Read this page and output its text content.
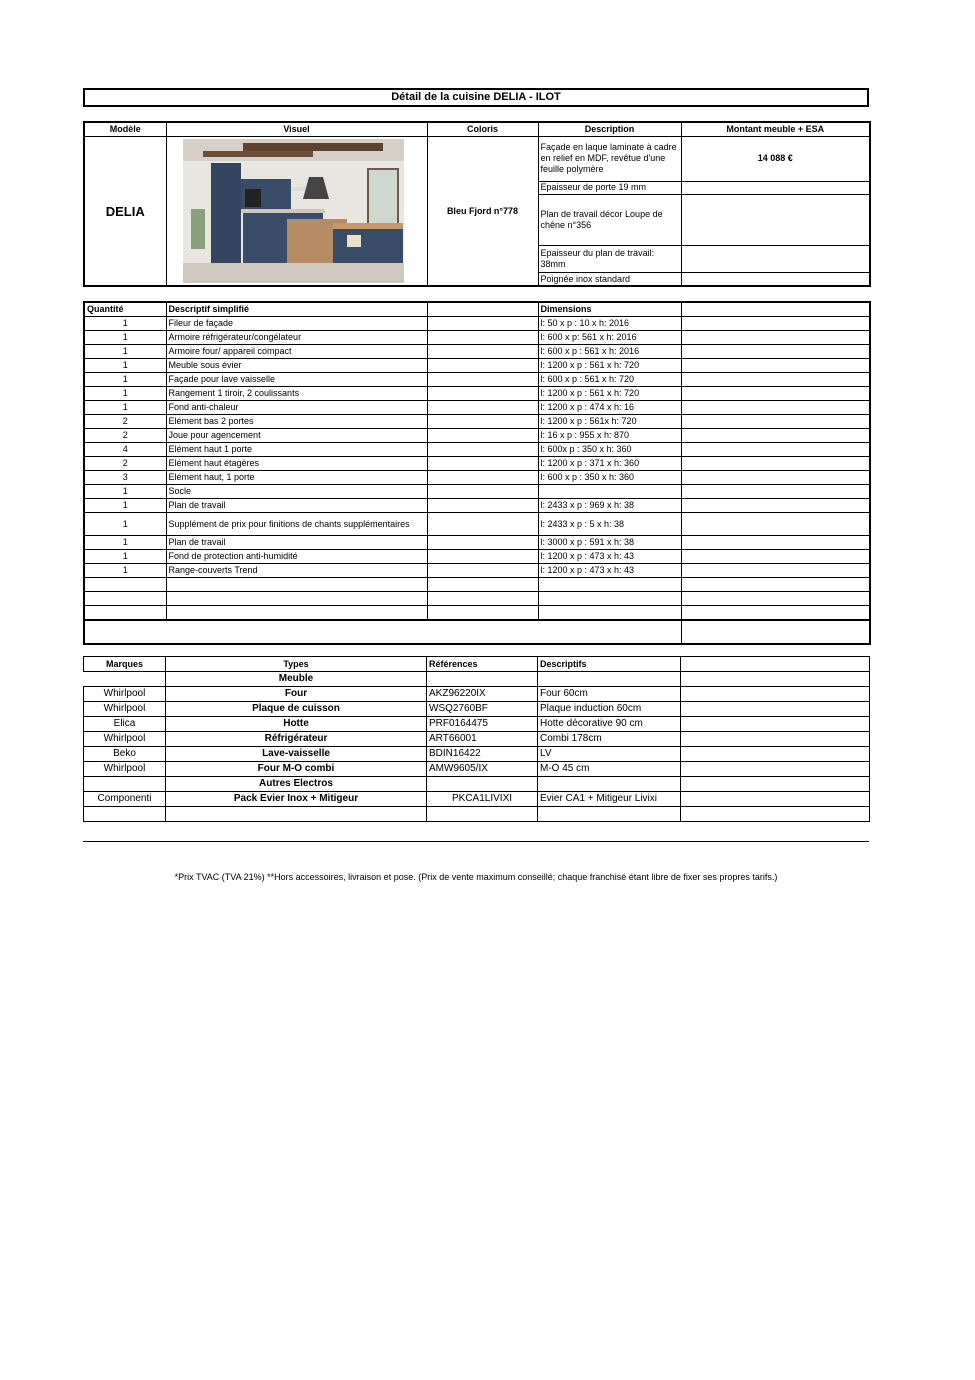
Détail de la cuisine DELIA - ILOT
Modèle	Visuel	Coloris	Description	Montant meuble + ESA
DELIA		Bleu Fjord n°778	Façade en laque laminate à cadre en relief en MDF, revêtue d'une feuille polymère	14 088 €
			Epaisseur de porte 19 mm	
			Plan de travail décor Loupe de chêne n°356	
			Epaisseur du plan de travail: 38mm	
			Poignée inox standard	
Quantité	Descriptif simplifié		Dimensions	
1	Fileur de façade		l: 50 x p : 10 x h: 2016	
1	Armoire réfrigérateur/congélateur		l: 600 x p: 561 x h: 2016	
1	Armoire four/ appareil compact		l: 600 x p : 561 x h: 2016	
1	Meuble sous évier		l: 1200 x p : 561 x h: 720	
1	Façade pour lave vaisselle		l: 600 x p : 561 x h: 720	
1	Rangement 1 tiroir, 2 coulissants		l: 1200 x p : 561 x h: 720	
1	Fond anti-chaleur		l: 1200 x p : 474 x h: 16	
2	Elément bas 2 portes		l: 1200 x p : 561x h: 720	
2	Joue pour agencement		l: 16 x p : 955 x h: 870	
4	Elément haut 1 porte		l: 600x p : 350 x h: 360	
2	Elément haut étagères		l: 1200 x p : 371 x h: 360	
3	Elément haut, 1 porte		l: 600 x p : 350 x h: 360	
1	Socle			
1	Plan de travail		l: 2433 x p : 969 x h: 38	
1	Supplément de prix pour finitions de chants supplémentaires		l: 2433 x p : 5 x h: 38	
1	Plan de travail		l: 3000 x p : 591 x h: 38	
1	Fond de protection anti-humidité		l: 1200 x p : 473 x h: 43	
1	Range-couverts Trend		l: 1200 x p : 473 x h: 43	

Marques	Types	Références	Descriptifs	
	Meuble			
Whirlpool	Four	AKZ96220IX	Four 60cm	
Whirlpool	Plaque de cuisson	WSQ2760BF	Plaque induction 60cm	
Elica	Hotte	PRF0164475	Hotte décorative 90 cm	
Whirlpool	Réfrigérateur	ART66001	Combi 178cm	
Beko	Lave-vaisselle	BDIN16422	LV	
Whirlpool	Four M-O combi	AMW9605/IX	M-O 45 cm	
	Autres Electros			
Componenti	Pack Evier Inox + Mitigeur	PKCA1LIVIXI	Evier CA1 + Mitigeur Livixi	

*Prix TVAC (TVA 21%) **Hors accessoires, livraison et pose. (Prix de vente maximum conseillé; chaque franchisé étant libre de fixer ses propres tarifs.)
